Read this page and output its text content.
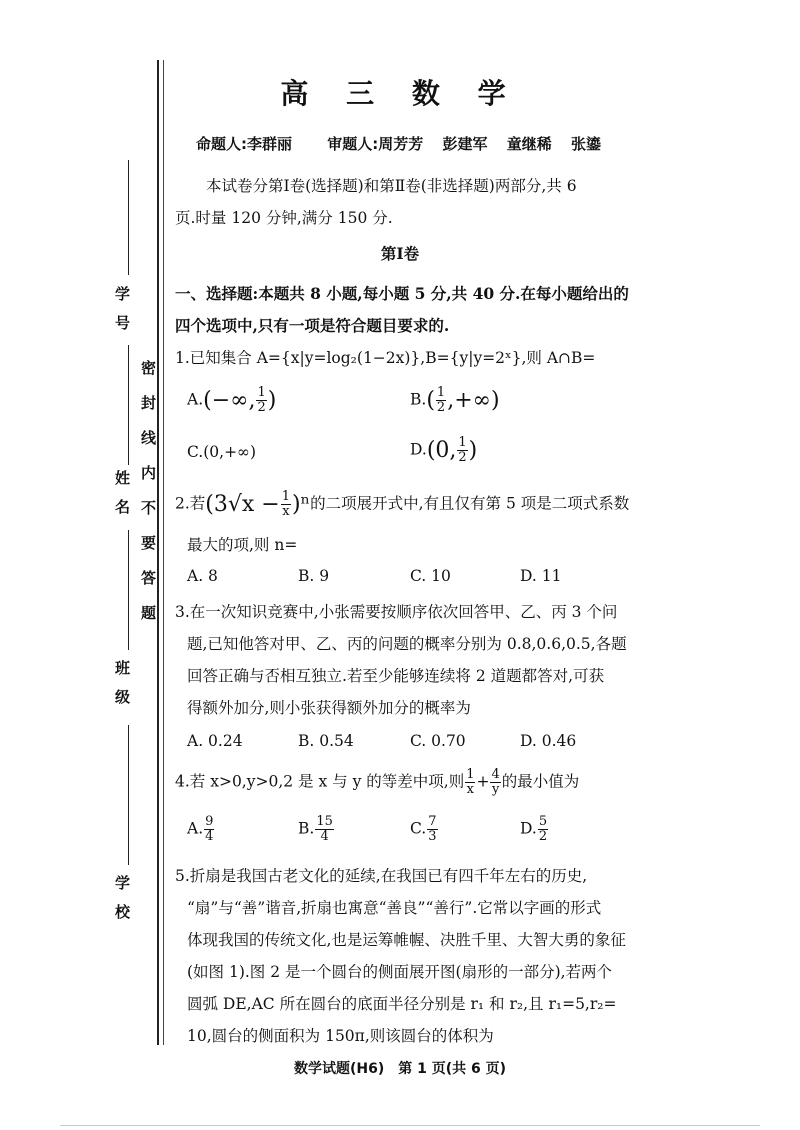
学号
姓名
班级
学校
密封线内不要答题
高 三 数 学
命题人:李群丽 审题人:周芳芳 彭建军 童继稀 张鎏
本试卷分第Ⅰ卷(选择题)和第Ⅱ卷(非选择题)两部分,共 6
页.时量 120 分钟,满分 150 分.
第Ⅰ卷
一、选择题:本题共 8 小题,每小题 5 分,共 40 分.在每小题给出的
四个选项中,只有一项是符合题目要求的.
1.已知集合 A={x|y=log₂(1−2x)},B={y|y=2ˣ},则 A∩B=
A.(−∞, $\frac{1}{2}$ )	$B.( \frac{1}{2}$ ,+∞)
C.(0,+∞)	D.(0, $\frac{1}{2}$ )
2.若$(3√x - \frac{1}{x} )^n$的二项展开式中,有且仅有第 5 项是二项式系数
最大的项,则 n=
A. 8	B. 9	C. 10	D. 11
3.在一次知识竞赛中,小张需要按顺序依次回答甲、乙、丙 3 个问
题,已知他答对甲、乙、丙的问题的概率分别为 0.8,0.6,0.5,各题
回答正确与否相互独立.若至少能够连续将 2 道题都答对,可获
得额外加分,则小张获得额外加分的概率为
A. 0.24	B. 0.54	C. 0.70	D. 0.46
4.若 x>0,y>0,2 是 x 与 y 的等差中项,则 $\frac{1}{x} + \frac{4}{y}$ 的最小值为
A. $\frac{9}{4}$	B. $\frac{15}{4}$	C. $\frac{7}{3}$	D. $\frac{5}{2}$
5.折扇是我国古老文化的延续,在我国已有四千年左右的历史,
“扇”与“善”谐音,折扇也寓意“善良”“善行”.它常以字画的形式
体现我国的传统文化,也是运筹帷幄、决胜千里、大智大勇的象征
(如图 1).图 2 是一个圆台的侧面展开图(扇形的一部分),若两个
圆弧 DE,AC 所在圆台的底面半径分别是 r₁ 和 r₂,且 r₁=5,r₂=
10,圆台的侧面积为 150π,则该圆台的体积为
数学试题(H6)　第 1 页(共 6 页)
